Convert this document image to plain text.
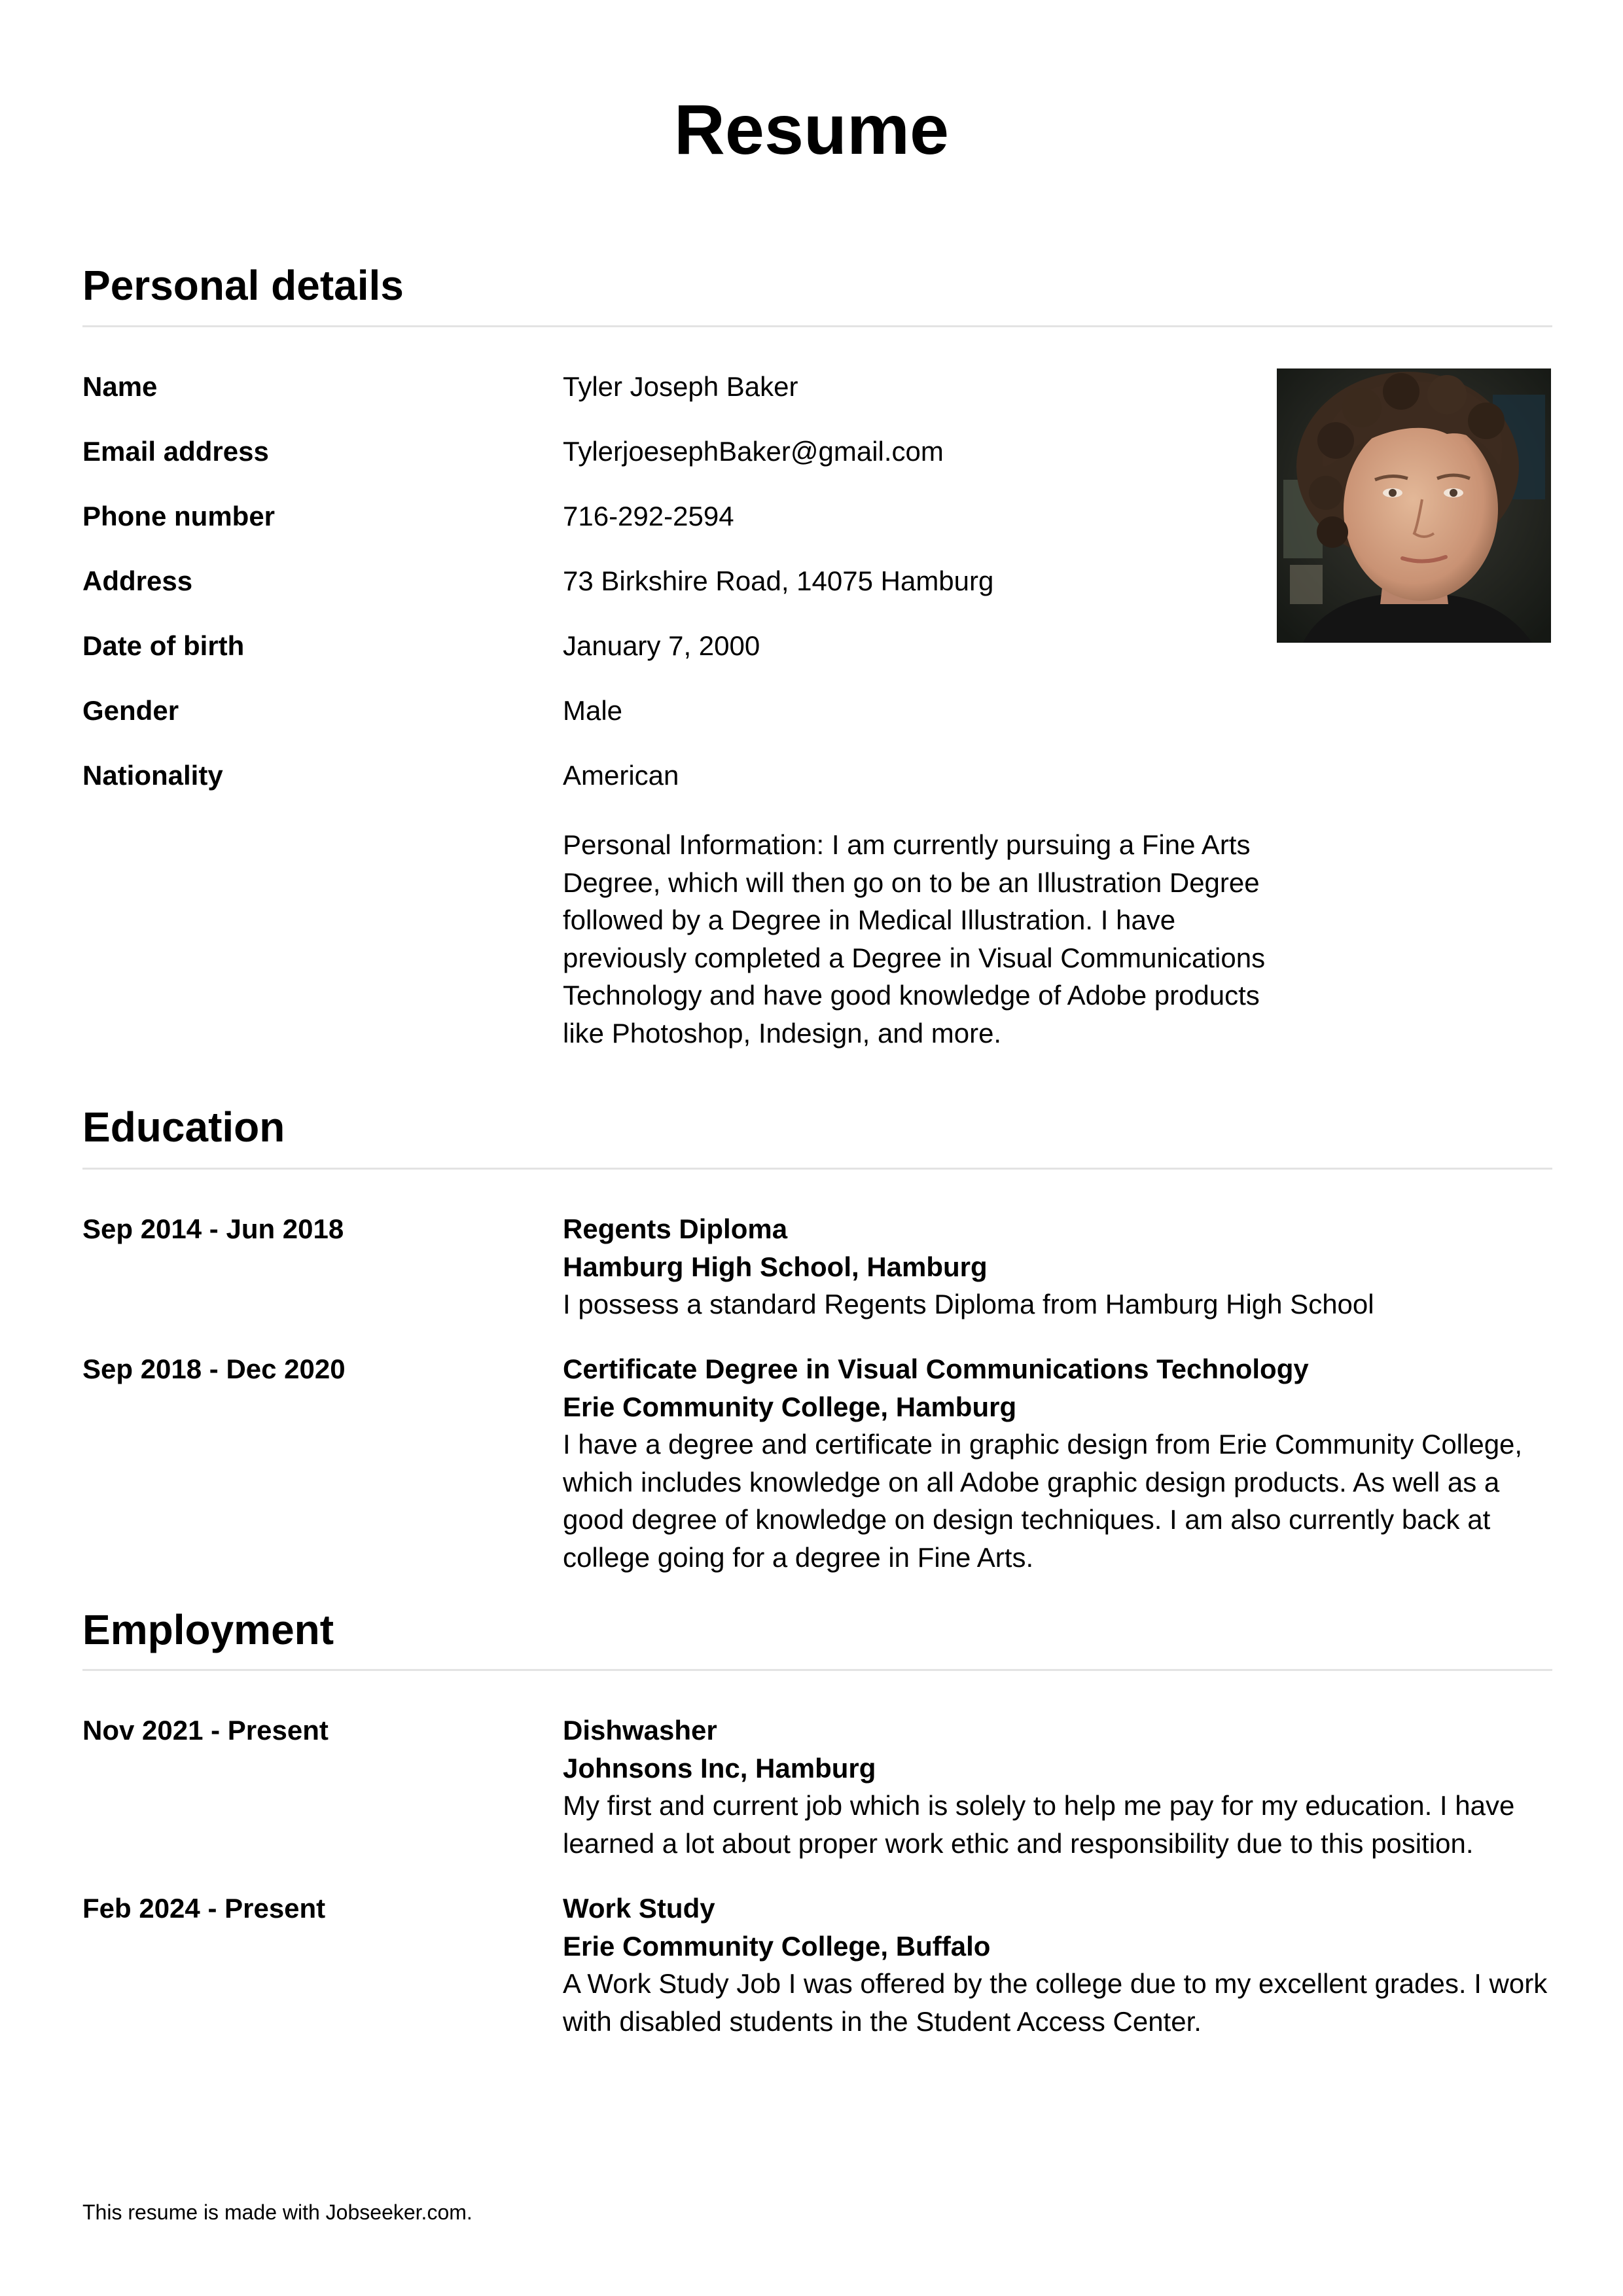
Resume
Personal details
Name	Tyler Joseph Baker
Email address	TylerjoesephBaker@gmail.com
Phone number	716-292-2594
Address	73 Birkshire Road, 14075 Hamburg
Date of birth	January 7, 2000
Gender	Male
Nationality	American
Personal Information: I am currently pursuing a Fine Arts Degree, which will then go on to be an Illustration Degree followed by a Degree in Medical Illustration. I have previously completed a Degree in Visual Communications Technology and have good knowledge of Adobe products like Photoshop, Indesign, and more.
Education
Sep 2014 - Jun 2018	Regents Diploma
Hamburg High School, Hamburg
I possess a standard Regents Diploma from Hamburg High School
Sep 2018 - Dec 2020	Certificate Degree in Visual Communications Technology
Erie Community College, Hamburg
I have a degree and certificate in graphic design from Erie Community College, which includes knowledge on all Adobe graphic design products. As well as a good degree of knowledge on design techniques. I am also currently back at college going for a degree in Fine Arts.
Employment
Nov 2021 - Present	Dishwasher
Johnsons Inc, Hamburg
My first and current job which is solely to help me pay for my education. I have learned a lot about proper work ethic and responsibility due to this position.
Feb 2024 - Present	Work Study
Erie Community College, Buffalo
A Work Study Job I was offered by the college due to my excellent grades. I work with disabled students in the Student Access Center.
This resume is made with Jobseeker.com.
